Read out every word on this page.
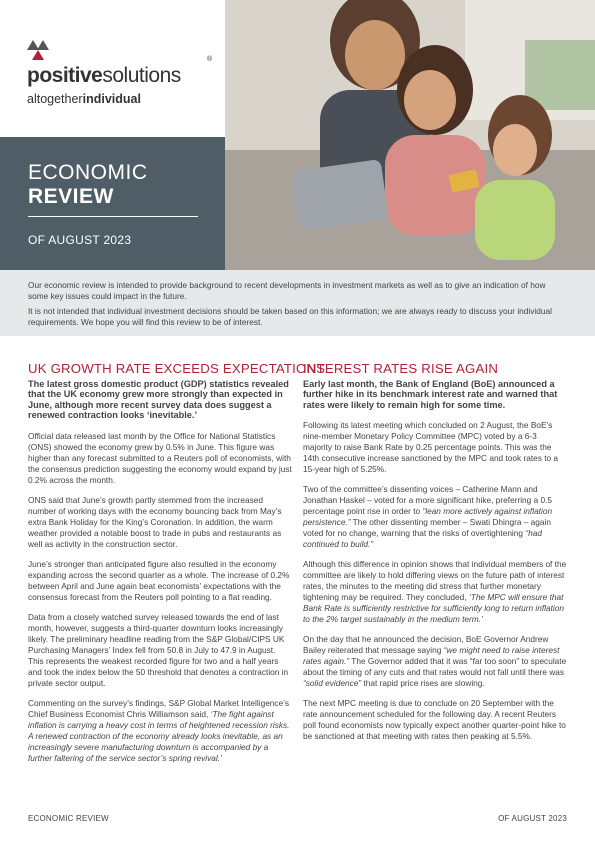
positivesolutions
®
altogetherindividual
ECONOMIC
REVIEW
OF AUGUST 2023

Our economic review is intended to provide background to recent developments in investment markets as well as to give an indication of how some key issues could impact in the future.

It is not intended that individual investment decisions should be taken based on this information; we are always ready to discuss your individual requirements. We hope you will find this review to be of interest.

UK GROWTH RATE EXCEEDS EXPECTATIONS
The latest gross domestic product (GDP) statistics revealed that the UK economy grew more strongly than expected in June, although more recent survey data does suggest a renewed contraction looks ‘inevitable.’

Official data released last month by the Office for National Statistics (ONS) showed the economy grew by 0.5% in June. This figure was higher than any forecast submitted to a Reuters poll of economists, with the consensus prediction suggesting the economy would expand by just 0.2% across the month.

ONS said that June’s growth partly stemmed from the increased number of working days with the economy bouncing back from May’s extra Bank Holiday for the King’s Coronation. In addition, the warm weather provided a notable boost to trade in pubs and restaurants as well as activity in the construction sector.

June’s stronger than anticipated figure also resulted in the economy expanding across the second quarter as a whole. The increase of 0.2% between April and June again beat economists’ expectations with the consensus forecast from the Reuters poll pointing to a flat reading.

Data from a closely watched survey released towards the end of last month, however, suggests a third-quarter downturn looks increasingly likely. The preliminary headline reading from the S&P Global/CIPS UK Purchasing Managers’ Index fell from 50.8 in July to 47.9 in August. This represents the weakest recorded figure for two and a half years and took the index below the 50 threshold that denotes a contraction in private sector output.

Commenting on the survey’s findings, S&P Global Market Intelligence’s Chief Business Economist Chris Williamson said, ‘The fight against inflation is carrying a heavy cost in terms of heightened recession risks. A renewed contraction of the economy already looks inevitable, as an increasingly severe manufacturing downturn is accompanied by a further faltering of the service sector’s spring revival.’

INTEREST RATES RISE AGAIN
Early last month, the Bank of England (BoE) announced a further hike in its benchmark interest rate and warned that rates were likely to remain high for some time.

Following its latest meeting which concluded on 2 August, the BoE’s nine-member Monetary Policy Committee (MPC) voted by a 6-3 majority to raise Bank Rate by 0.25 percentage points. This was the 14th consecutive increase sanctioned by the MPC and took rates to a 15-year high of 5.25%.

Two of the committee’s dissenting voices – Catherine Mann and Jonathan Haskel – voted for a more significant hike, preferring a 0.5 percentage point rise in order to “lean more actively against inflation persistence.” The other dissenting member – Swati Dhingra – again voted for no change, warning that the risks of overtightening “had continued to build.”

Although this difference in opinion shows that individual members of the committee are likely to hold differing views on the future path of interest rates, the minutes to the meeting did stress that further monetary tightening may be required. They concluded, ‘The MPC will ensure that Bank Rate is sufficiently restrictive for sufficiently long to return inflation to the 2% target sustainably in the medium term.’

On the day that he announced the decision, BoE Governor Andrew Bailey reiterated that message saying “we might need to raise interest rates again.” The Governor added that it was “far too soon” to speculate about the timing of any cuts and that rates would not fall until there was “solid evidence” that rapid price rises are slowing.

The next MPC meeting is due to conclude on 20 September with the rate announcement scheduled for the following day. A recent Reuters poll found economists now typically expect another quarter-point hike to be sanctioned at that meeting with rates then peaking at 5.5%.

ECONOMIC REVIEW	OF AUGUST 2023
